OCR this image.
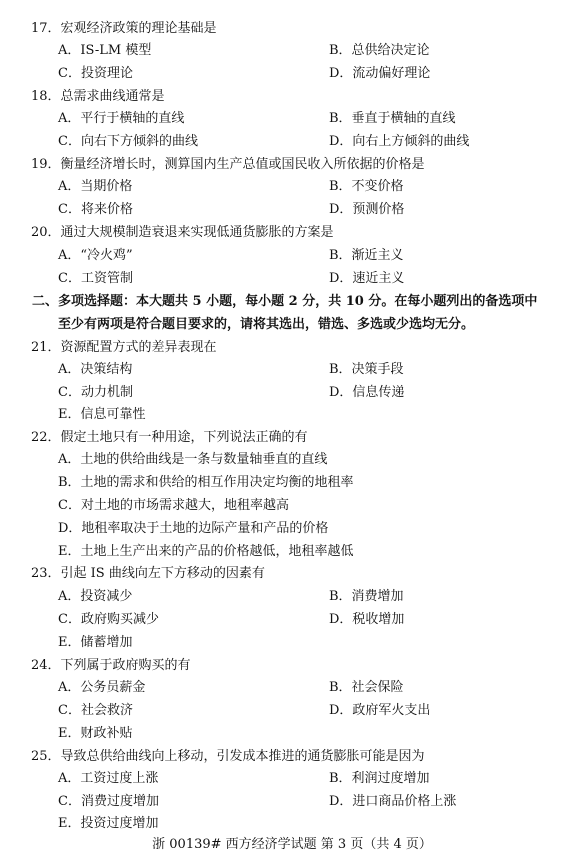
17．宏观经济政策的理论基础是
A．IS-LM 模型	B．总供给决定论
C．投资理论	D．流动偏好理论
18．总需求曲线通常是
A．平行于横轴的直线	B．垂直于横轴的直线
C．向右下方倾斜的曲线	D．向右上方倾斜的曲线
19．衡量经济增长时，测算国内生产总值或国民收入所依据的价格是
A．当期价格	B．不变价格
C．将来价格	D．预测价格
20．通过大规模制造衰退来实现低通货膨胀的方案是
A．“冷火鸡”	B．渐近主义
C．工资管制	D．速近主义
二、多项选择题：本大题共 5 小题，每小题 2 分，共 10 分。在每小题列出的备选项中
至少有两项是符合题目要求的，请将其选出，错选、多选或少选均无分。
21．资源配置方式的差异表现在
A．决策结构	B．决策手段
C．动力机制	D．信息传递
E．信息可靠性
22．假定土地只有一种用途，下列说法正确的有
A．土地的供给曲线是一条与数量轴垂直的直线
B．土地的需求和供给的相互作用决定均衡的地租率
C．对土地的市场需求越大，地租率越高
D．地租率取决于土地的边际产量和产品的价格
E．土地上生产出来的产品的价格越低，地租率越低
23．引起 IS 曲线向左下方移动的因素有
A．投资减少	B．消费增加
C．政府购买减少	D．税收增加
E．储蓄增加
24．下列属于政府购买的有
A．公务员薪金	B．社会保险
C．社会救济	D．政府军火支出
E．财政补贴
25．导致总供给曲线向上移动，引发成本推进的通货膨胀可能是因为
A．工资过度上涨	B．利润过度增加
C．消费过度增加	D．进口商品价格上涨
E．投资过度增加
浙 00139# 西方经济学试题 第 3 页（共 4 页）
